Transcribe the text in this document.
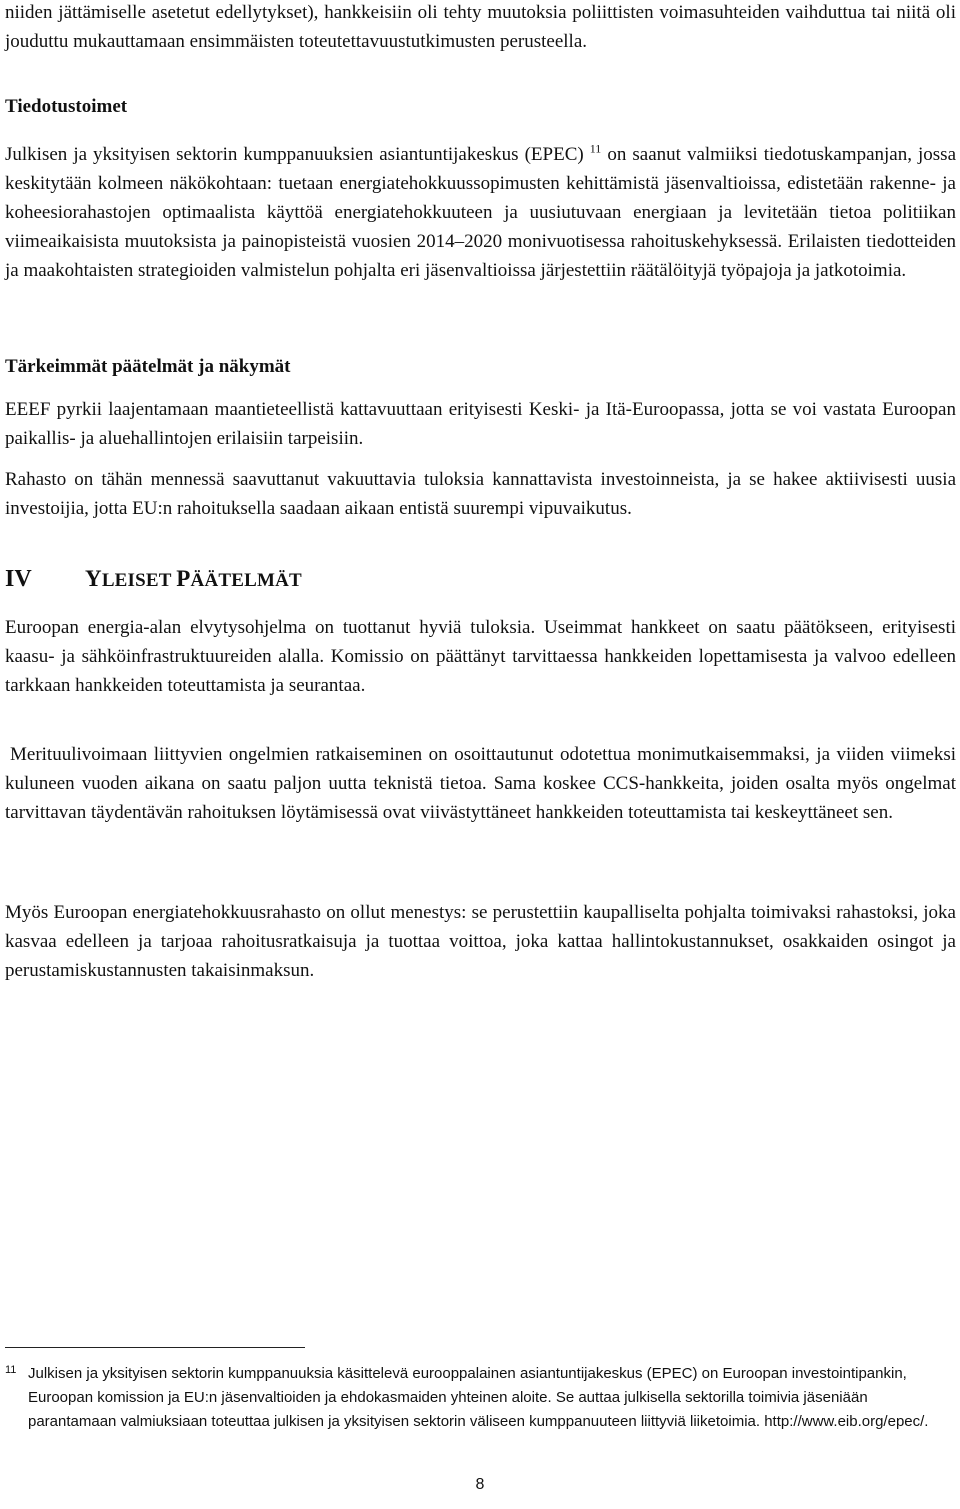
niiden jättämiselle asetetut edellytykset), hankkeisiin oli tehty muutoksia poliittisten voimasuhteiden vaihduttua tai niitä oli jouduttu mukauttamaan ensimmäisten toteutettavuustutkimusten perusteella.

Tiedotustoimet

Julkisen ja yksityisen sektorin kumppanuuksien asiantuntijakeskus (EPEC) $^{11}$ on saanut valmiiksi tiedotuskampanjan, jossa keskitytään kolmeen näkökohtaan: tuetaan energiatehokkuussopimusten kehittämistä jäsenvaltioissa, edistetään rakenne- ja koheesiorahastojen optimaalista käyttöä energiatehokkuuteen ja uusiutuvaan energiaan ja levitetään tietoa politiikan viimeaikaisista muutoksista ja painopisteistä vuosien 2014–2020 monivuotisessa rahoituskehyksessä. Erilaisten tiedotteiden ja maakohtaisten strategioiden valmistelun pohjalta eri jäsenvaltioissa järjestettiin räätälöityjä työpajoja ja jatkotoimia.

Tärkeimmät päätelmät ja näkymät

EEEF pyrkii laajentamaan maantieteellistä kattavuuttaan erityisesti Keski- ja Itä-Euroopassa, jotta se voi vastata Euroopan paikallis- ja aluehallintojen erilaisiin tarpeisiin.

Rahasto on tähän mennessä saavuttanut vakuuttavia tuloksia kannattavista investoinneista, ja se hakee aktiivisesti uusia investoijia, jotta EU:n rahoituksella saadaan aikaan entistä suurempi vipuvaikutus.

IV	YLEISET PÄÄTELMÄT

Euroopan energia-alan elvytysohjelma on tuottanut hyviä tuloksia. Useimmat hankkeet on saatu päätökseen, erityisesti kaasu- ja sähköinfrastruktuureiden alalla. Komissio on päättänyt tarvittaessa hankkeiden lopettamisesta ja valvoo edelleen tarkkaan hankkeiden toteuttamista ja seurantaa.

Merituulivoimaan liittyvien ongelmien ratkaiseminen on osoittautunut odotettua monimutkaisemmaksi, ja viiden viimeksi kuluneen vuoden aikana on saatu paljon uutta teknistä tietoa. Sama koskee CCS-hankkeita, joiden osalta myös ongelmat tarvittavan täydentävän rahoituksen löytämisessä ovat viivästyttäneet hankkeiden toteuttamista tai keskeyttäneet sen.

Myös Euroopan energiatehokkuusrahasto on ollut menestys: se perustettiin kaupalliselta pohjalta toimivaksi rahastoksi, joka kasvaa edelleen ja tarjoaa rahoitusratkaisuja ja tuottaa voittoa, joka kattaa hallintokustannukset, osakkaiden osingot ja perustamiskustannusten takaisinmaksun.

11 Julkisen ja yksityisen sektorin kumppanuuksia käsittelevä eurooppalainen asiantuntijakeskus (EPEC) on Euroopan investointipankin, Euroopan komission ja EU:n jäsenvaltioiden ja ehdokasmaiden yhteinen aloite. Se auttaa julkisella sektorilla toimivia jäseniään parantamaan valmiuksiaan toteuttaa julkisen ja yksityisen sektorin väliseen kumppanuuteen liittyviä liiketoimia. http://www.eib.org/epec/.
8
